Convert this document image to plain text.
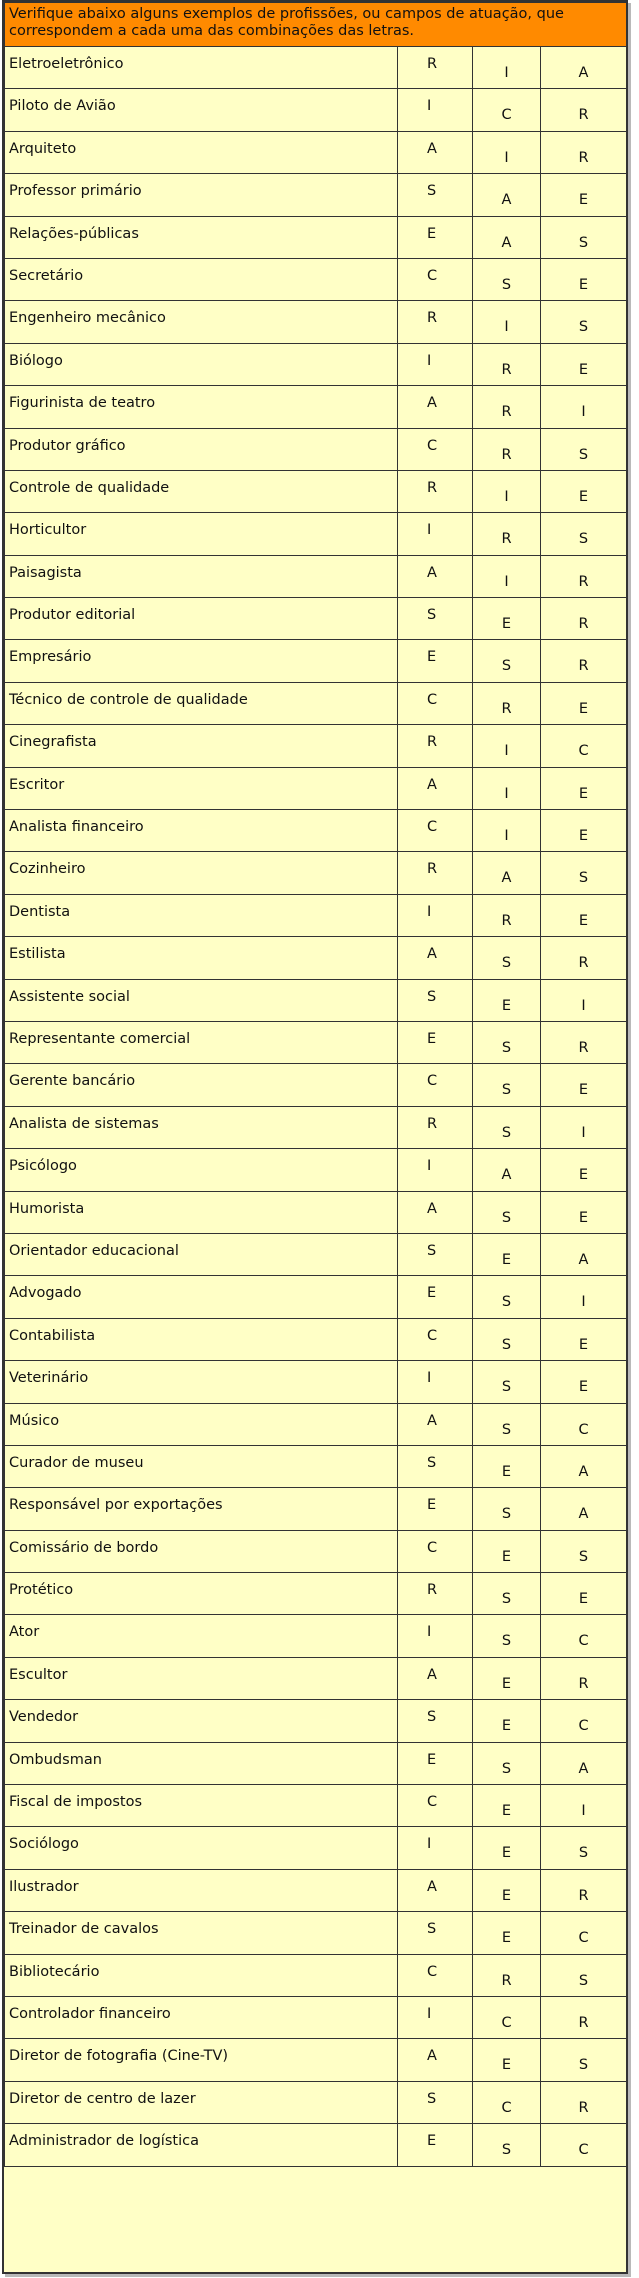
Verifique abaixo alguns exemplos de profissões, ou campos de atuação, que correspondem a cada uma das combinações das letras.			
Eletroeletrônico	R	I	A
Piloto de Avião	I	C	R
Arquiteto	A	I	R
Professor primário	S	A	E
Relações-públicas	E	A	S
Secretário	C	S	E
Engenheiro mecânico	R	I	S
Biólogo	I	R	E
Figurinista de teatro	A	R	I
Produtor gráfico	C	R	S
Controle de qualidade	R	I	E
Horticultor	I	R	S
Paisagista	A	I	R
Produtor editorial	S	E	R
Empresário	E	S	R
Técnico de controle de qualidade	C	R	E
Cinegrafista	R	I	C
Escritor	A	I	E
Analista financeiro	C	I	E
Cozinheiro	R	A	S
Dentista	I	R	E
Estilista	A	S	R
Assistente social	S	E	I
Representante comercial	E	S	R
Gerente bancário	C	S	E
Analista de sistemas	R	S	I
Psicólogo	I	A	E
Humorista	A	S	E
Orientador educacional	S	E	A
Advogado	E	S	I
Contabilista	C	S	E
Veterinário	I	S	E
Músico	A	S	C
Curador de museu	S	E	A
Responsável por exportações	E	S	A
Comissário de bordo	C	E	S
Protético	R	S	E
Ator	I	S	C
Escultor	A	E	R
Vendedor	S	E	C
Ombudsman	E	S	A
Fiscal de impostos	C	E	I
Sociólogo	I	E	S
Ilustrador	A	E	R
Treinador de cavalos	S	E	C
Bibliotecário	C	R	S
Controlador financeiro	I	C	R
Diretor de fotografia (Cine-TV)	A	E	S
Diretor de centro de lazer	S	C	R
Administrador de logística	E	S	C
